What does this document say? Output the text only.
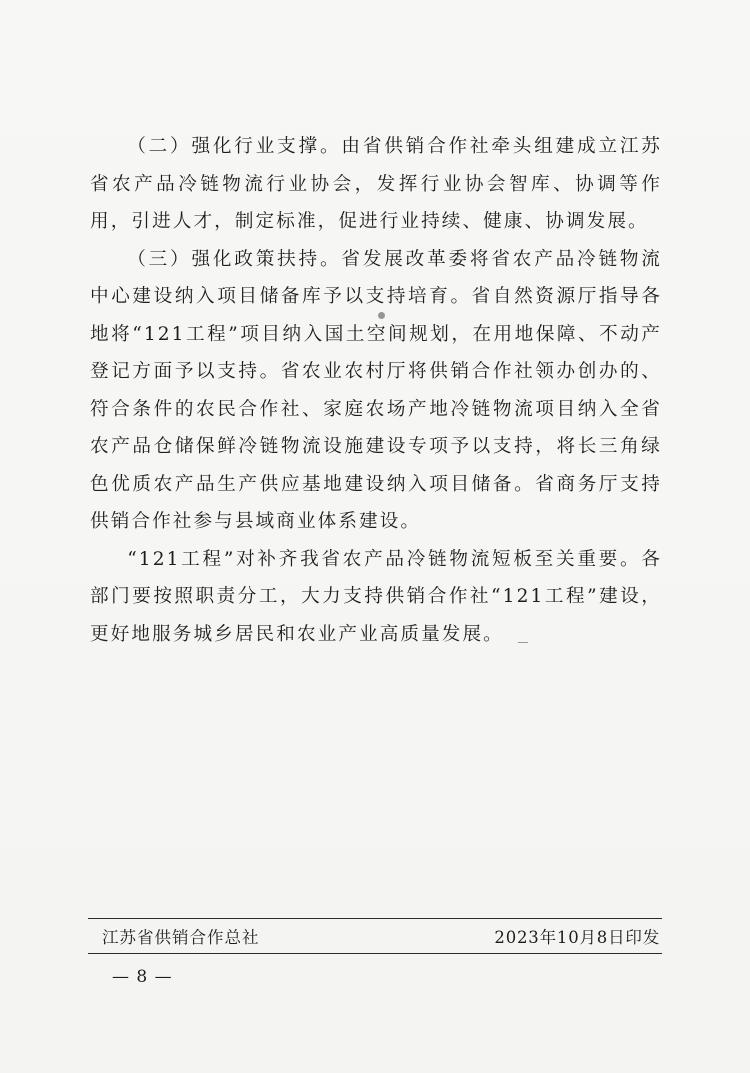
（二）强化行业支撑。由省供销合作社牵头组建成立江苏省农产品冷链物流行业协会，发挥行业协会智库、协调等作用，引进人才，制定标准，促进行业持续、健康、协调发展。

（三）强化政策扶持。省发展改革委将省农产品冷链物流中心建设纳入项目储备库予以支持培育。省自然资源厅指导各地将“121工程”项目纳入国土空间规划，在用地保障、不动产登记方面予以支持。省农业农村厅将供销合作社领办创办的、符合条件的农民合作社、家庭农场产地冷链物流项目纳入全省农产品仓储保鲜冷链物流设施建设专项予以支持，将长三角绿色优质农产品生产供应基地建设纳入项目储备。省商务厅支持供销合作社参与县域商业体系建设。

“121工程”对补齐我省农产品冷链物流短板至关重要。各部门要按照职责分工，大力支持供销合作社“121工程”建设，更好地服务城乡居民和农业产业高质量发展。

江苏省供销合作总社	2023年10月8日印发
— 8 —
